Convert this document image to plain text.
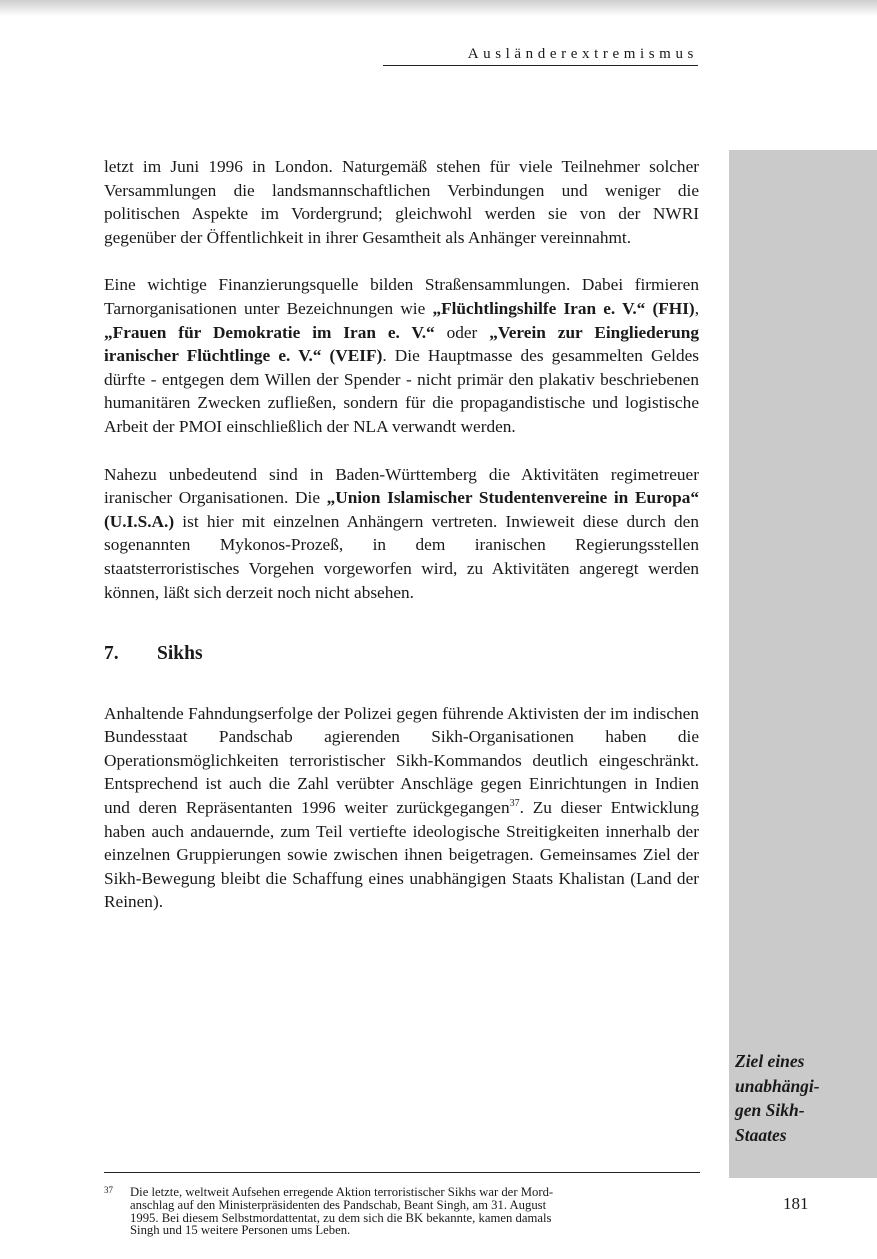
Ausländerextremismus

letzt im Juni 1996 in London. Naturgemäß stehen für viele Teilnehmer solcher Versammlungen die landsmannschaftlichen Verbindungen und weniger die politischen Aspekte im Vordergrund; gleichwohl werden sie von der NWRI gegenüber der Öffentlichkeit in ihrer Gesamtheit als Anhänger vereinnahmt.

Eine wichtige Finanzierungsquelle bilden Straßensammlungen. Dabei firmieren Tarnorganisationen unter Bezeichnungen wie „Flüchtlingshilfe Iran e. V.“ (FHI), „Frauen für Demokratie im Iran e. V.“ oder „Verein zur Eingliederung iranischer Flüchtlinge e. V.“ (VEIF). Die Hauptmasse des gesammelten Geldes dürfte - entgegen dem Willen der Spender - nicht primär den plakativ beschriebenen humanitären Zwecken zufließen, sondern für die propagandistische und logistische Arbeit der PMOI einschließlich der NLA verwandt werden.

Nahezu unbedeutend sind in Baden-Württemberg die Aktivitäten regimetreuer iranischer Organisationen. Die „Union Islamischer Studentenvereine in Europa“ (U.I.S.A.) ist hier mit einzelnen Anhängern vertreten. Inwieweit diese durch den sogenannten Mykonos-Prozeß, in dem iranischen Regierungsstellen staatsterroristisches Vorgehen vorgeworfen wird, zu Aktivitäten angeregt werden können, läßt sich derzeit noch nicht absehen.

7. Sikhs

Anhaltende Fahndungserfolge der Polizei gegen führende Aktivisten der im indischen Bundesstaat Pandschab agierenden Sikh-Organisationen haben die Operationsmöglichkeiten terroristischer Sikh-Kommandos deutlich eingeschränkt. Entsprechend ist auch die Zahl verübter Anschläge gegen Einrichtungen in Indien und deren Repräsentanten 1996 weiter zurückgegangen$^{37}$. Zu dieser Entwicklung haben auch andauernde, zum Teil vertiefte ideologische Streitigkeiten innerhalb der einzelnen Gruppierungen sowie zwischen ihnen beigetragen. Gemeinsames Ziel der Sikh-Bewegung bleibt die Schaffung eines unabhängigen Staats Khalistan (Land der Reinen).

Ziel eines
unabhängi-
gen Sikh-
Staates
37 Die letzte, weltweit Aufsehen erregende Aktion terroristischer Sikhs war der Mord-
anschlag auf den Ministerpräsidenten des Pandschab, Beant Singh, am 31. August
1995. Bei diesem Selbstmordattentat, zu dem sich die BK bekannte, kamen damals
Singh und 15 weitere Personen ums Leben.
181
